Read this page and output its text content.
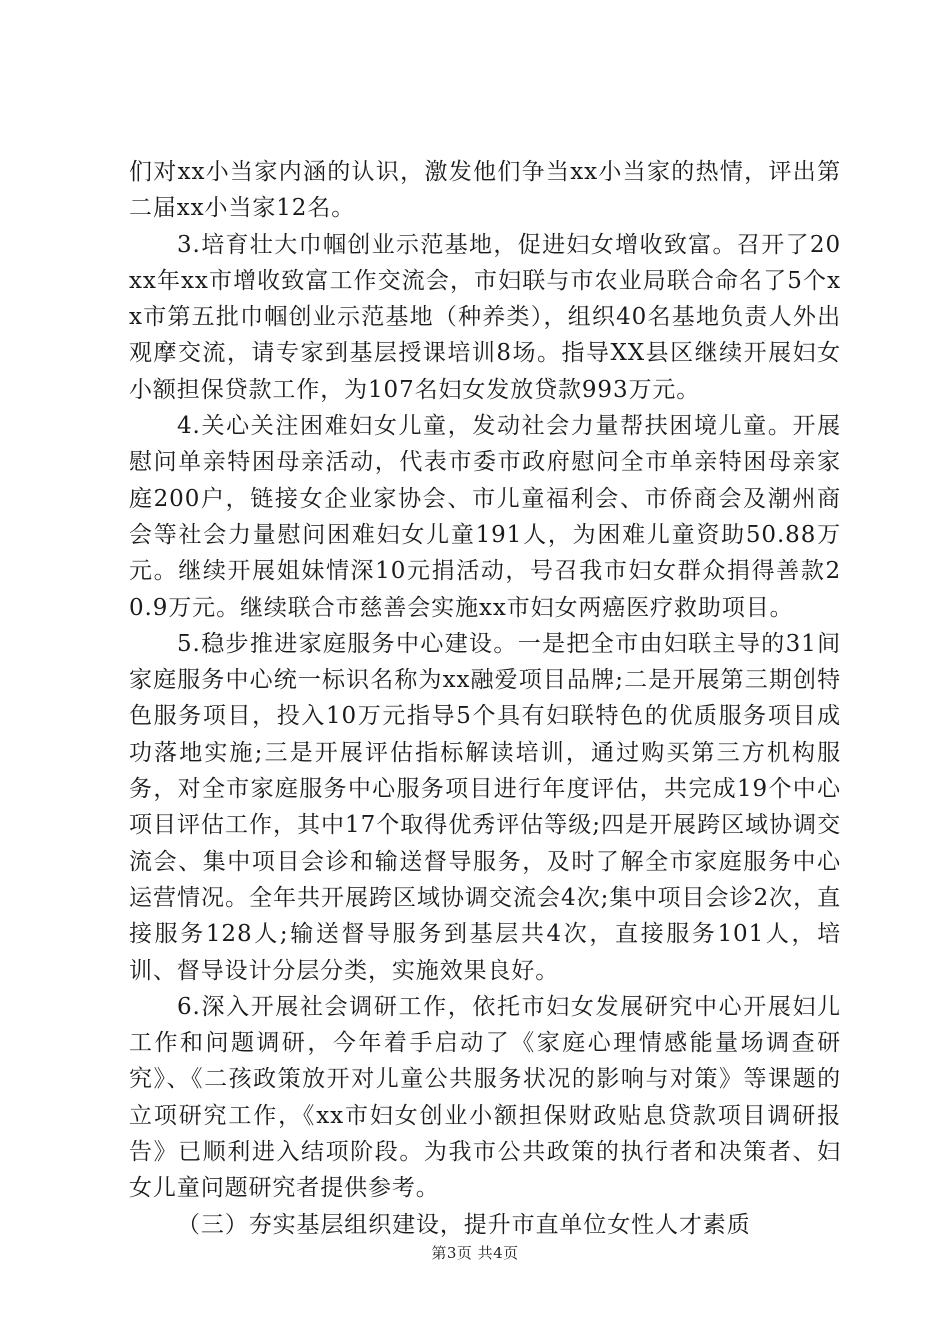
们对xx小当家内涵的认识，激发他们争当xx小当家的热情，评出第二届xx小当家12名。

3.培育壮大巾帼创业示范基地，促进妇女增收致富。召开了20xx年xx市增收致富工作交流会，市妇联与市农业局联合命名了5个xx市第五批巾帼创业示范基地（种养类），组织40名基地负责人外出观摩交流，请专家到基层授课培训8场。指导XX县区继续开展妇女小额担保贷款工作，为107名妇女发放贷款993万元。

4.关心关注困难妇女儿童，发动社会力量帮扶困境儿童。开展慰问单亲特困母亲活动，代表市委市政府慰问全市单亲特困母亲家庭200户，链接女企业家协会、市儿童福利会、市侨商会及潮州商会等社会力量慰问困难妇女儿童191人，为困难儿童资助50.88万元。继续开展姐妹情深10元捐活动，号召我市妇女群众捐得善款20.9万元。继续联合市慈善会实施xx市妇女两癌医疗救助项目。

5.稳步推进家庭服务中心建设。一是把全市由妇联主导的31间家庭服务中心统一标识名称为xx融爱项目品牌;二是开展第三期创特色服务项目，投入10万元指导5个具有妇联特色的优质服务项目成功落地实施;三是开展评估指标解读培训，通过购买第三方机构服务，对全市家庭服务中心服务项目进行年度评估，共完成19个中心项目评估工作，其中17个取得优秀评估等级;四是开展跨区域协调交流会、集中项目会诊和输送督导服务，及时了解全市家庭服务中心运营情况。全年共开展跨区域协调交流会4次;集中项目会诊2次，直接服务128人;输送督导服务到基层共4次，直接服务101人，培训、督导设计分层分类，实施效果良好。

6.深入开展社会调研工作，依托市妇女发展研究中心开展妇儿工作和问题调研，今年着手启动了《家庭心理情感能量场调查研究》、《二孩政策放开对儿童公共服务状况的影响与对策》等课题的立项研究工作，《xx市妇女创业小额担保财政贴息贷款项目调研报告》已顺利进入结项阶段。为我市公共政策的执行者和决策者、妇女儿童问题研究者提供参考。

（三）夯实基层组织建设，提升市直单位女性人才素质

第3页 共4页
